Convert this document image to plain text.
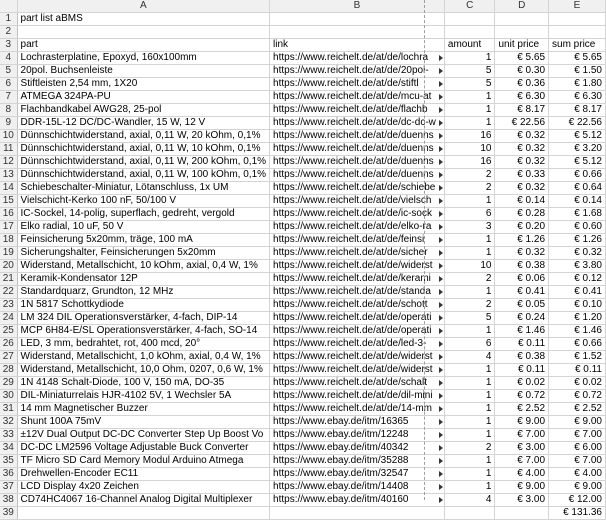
	A	B	C	D	E
1	part list aBMS				
2					
3	part	link	amount	unit price	sum price
4	Lochrasterplatine, Epoxyd, 160x100mm	https://www.reichelt.de/at/de/lochra	1	€ 5.65	€ 5.65
5	20pol. Buchsenleiste	https://www.reichelt.de/at/de/20pol-	5	€ 0.30	€ 1.50
6	Stiftleisten 2,54 mm, 1X20	https://www.reichelt.de/at/de/stiftl	5	€ 0.36	€ 1.80
7	ATMEGA 324PA-PU	https://www.reichelt.de/at/de/mcu-at	1	€ 6.30	€ 6.30
8	Flachbandkabel AWG28, 25-pol	https://www.reichelt.de/at/de/flachb	1	€ 8.17	€ 8.17
9	DDR-15L-12 DC/DC-Wandler, 15 W, 12 V	https://www.reichelt.de/at/de/dc-dc-w	1	€ 22.56	€ 22.56
10	Dünnschichtwiderstand, axial, 0,11 W, 20 kOhm, 0,1%	https://www.reichelt.de/at/de/duenns	16	€ 0.32	€ 5.12
11	Dünnschichtwiderstand, axial, 0,11 W, 10 kOhm, 0,1%	https://www.reichelt.de/at/de/duenns	10	€ 0.32	€ 3.20
12	Dünnschichtwiderstand, axial, 0,11 W, 200 kOhm, 0,1%	https://www.reichelt.de/at/de/duenns	16	€ 0.32	€ 5.12
13	Dünnschichtwiderstand, axial, 0,11 W, 100 kOhm, 0,1%	https://www.reichelt.de/at/de/duenns	2	€ 0.33	€ 0.66
14	Schiebeschalter-Miniatur, Lötanschluss, 1x UM	https://www.reichelt.de/at/de/schiebe	2	€ 0.32	€ 0.64
15	Vielschicht-Kerko 100 nF, 50/100 V	https://www.reichelt.de/at/de/vielsch	1	€ 0.14	€ 0.14
16	IC-Sockel, 14-polig, superflach, gedreht, vergold	https://www.reichelt.de/at/de/ic-sock	6	€ 0.28	€ 1.68
17	Elko radial, 10 uF, 50 V	https://www.reichelt.de/at/de/elko-ra	3	€ 0.20	€ 0.60
18	Feinsicherung 5x20mm, träge, 100 mA	https://www.reichelt.de/at/de/feinsi	1	€ 1.26	€ 1.26
19	Sicherungshalter, Feinsicherungen 5x20mm	https://www.reichelt.de/at/de/sicher	1	€ 0.32	€ 0.32
20	Widerstand, Metallschicht, 10 kOhm, axial, 0,4 W, 1%	https://www.reichelt.de/at/de/widerst	10	€ 0.38	€ 3.80
21	Keramik-Kondensator 12P	https://www.reichelt.de/at/de/kerami	2	€ 0.06	€ 0.12
22	Standardquarz, Grundton, 12 MHz	https://www.reichelt.de/at/de/standa	1	€ 0.41	€ 0.41
23	1N 5817 Schottkydiode	https://www.reichelt.de/at/de/schott	2	€ 0.05	€ 0.10
24	LM 324 DIL Operationsverstärker, 4-fach, DIP-14	https://www.reichelt.de/at/de/operati	5	€ 0.24	€ 1.20
25	MCP 6H84-E/SL Operationsverstärker, 4-fach, SO-14	https://www.reichelt.de/at/de/operati	1	€ 1.46	€ 1.46
26	LED, 3 mm, bedrahtet, rot, 400 mcd, 20°	https://www.reichelt.de/at/de/led-3-	6	€ 0.11	€ 0.66
27	Widerstand, Metallschicht, 1,0 kOhm, axial, 0,4 W, 1%	https://www.reichelt.de/at/de/widerst	4	€ 0.38	€ 1.52
28	Widerstand, Metallschicht, 10,0 Ohm, 0207, 0,6 W, 1%	https://www.reichelt.de/at/de/widerst	1	€ 0.11	€ 0.11
29	1N 4148 Schalt-Diode, 100 V, 150 mA, DO-35	https://www.reichelt.de/at/de/schalt	1	€ 0.02	€ 0.02
30	DIL-Miniaturrelais HJR-4102 5V, 1 Wechsler 5A	https://www.reichelt.de/at/de/dil-mini	1	€ 0.72	€ 0.72
31	14 mm Magnetischer Buzzer	https://www.reichelt.de/at/de/14-mm	1	€ 2.52	€ 2.52
32	Shunt 100A 75mV	https://www.ebay.de/itm/16365	1	€ 9.00	€ 9.00
33	±12V Dual Output DC-DC Converter Step Up Boost Vo	https://www.ebay.de/itm/12248	1	€ 7.00	€ 7.00
34	DC-DC LM2596 Voltage Adjustable Buck Converter	https://www.ebay.de/itm/40342	2	€ 3.00	€ 6.00
35	TF Micro SD Card Memory Modul Arduino Atmega	https://www.ebay.de/itm/35288	1	€ 7.00	€ 7.00
36	Drehwellen-Encoder EC11	https://www.ebay.de/itm/32547	1	€ 4.00	€ 4.00
37	LCD Display 4x20 Zeichen	https://www.ebay.de/itm/14408	1	€ 9.00	€ 9.00
38	CD74HC4067 16-Channel Analog Digital Multiplexer	https://www.ebay.de/itm/40160	4	€ 3.00	€ 12.00
39					€ 131.36
